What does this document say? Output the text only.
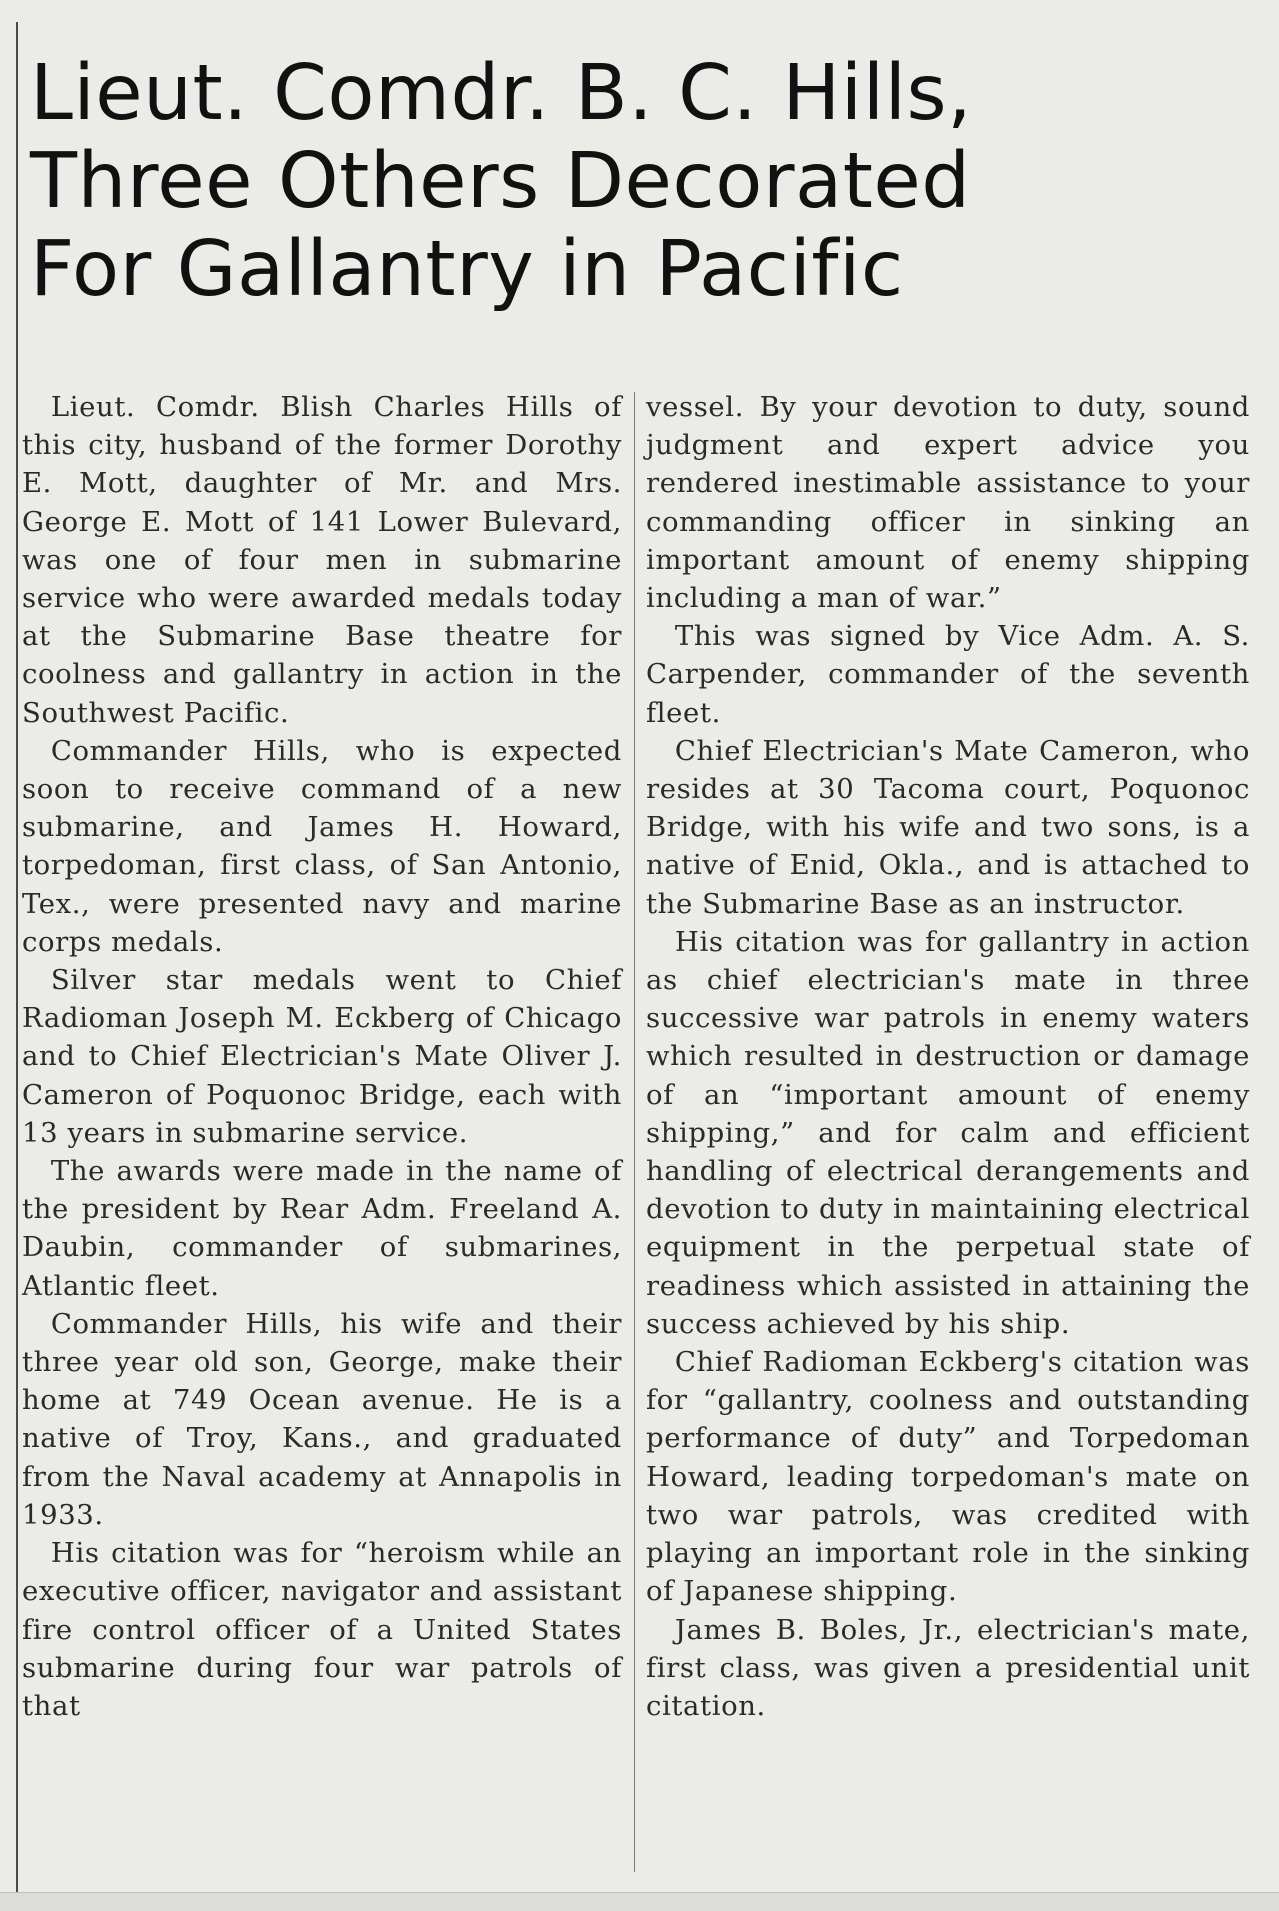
Lieut. Comdr. B. C. Hills,
Three Others Decorated
For Gallantry in Pacific

Lieut. Comdr. Blish Charles Hills of this city, husband of the former Dorothy E. Mott, daughter of Mr. and Mrs. George E. Mott of 141 Lower Bulevard, was one of four men in submarine service who were awarded medals today at the Submarine Base theatre for coolness and gallantry in action in the Southwest Pacific.

Commander Hills, who is expected soon to receive command of a new submarine, and James H. Howard, torpedoman, first class, of San Antonio, Tex., were presented navy and marine corps medals.

Silver star medals went to Chief Radioman Joseph M. Eckberg of Chicago and to Chief Electrician's Mate Oliver J. Cameron of Poquonoc Bridge, each with 13 years in submarine service.

The awards were made in the name of the president by Rear Adm. Freeland A. Daubin, commander of submarines, Atlantic fleet.

Commander Hills, his wife and their three year old son, George, make their home at 749 Ocean avenue. He is a native of Troy, Kans., and graduated from the Naval academy at Annapolis in 1933.

His citation was for “heroism while an executive officer, navigator and assistant fire control officer of a United States submarine during four war patrols of that

vessel. By your devotion to duty, sound judgment and expert advice you rendered inestimable assistance to your commanding officer in sinking an important amount of enemy shipping including a man of war.”

This was signed by Vice Adm. A. S. Carpender, commander of the seventh fleet.

Chief Electrician's Mate Cameron, who resides at 30 Tacoma court, Poquonoc Bridge, with his wife and two sons, is a native of Enid, Okla., and is attached to the Submarine Base as an instructor.

His citation was for gallantry in action as chief electrician's mate in three successive war patrols in enemy waters which resulted in destruction or damage of an “important amount of enemy shipping,” and for calm and efficient handling of electrical derangements and devotion to duty in maintaining electrical equipment in the perpetual state of readiness which assisted in attaining the success achieved by his ship.

Chief Radioman Eckberg's citation was for “gallantry, coolness and outstanding performance of duty” and Torpedoman Howard, leading torpedoman's mate on two war patrols, was credited with playing an important role in the sinking of Japanese shipping.

James B. Boles, Jr., electrician's mate, first class, was given a presidential unit citation.
